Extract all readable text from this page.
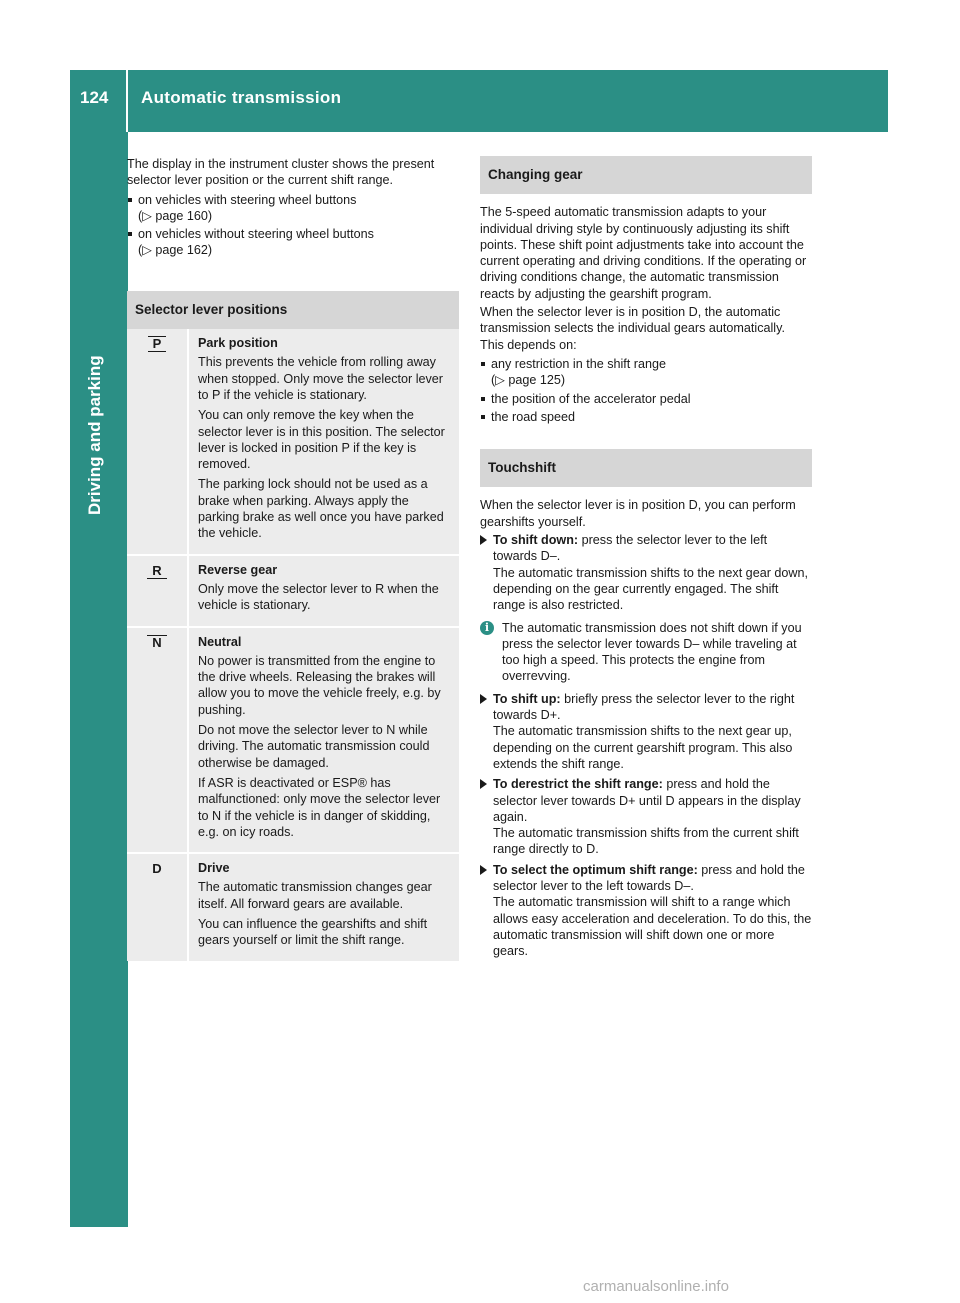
124 Automatic transmission
Driving and parking

The display in the instrument cluster shows the present selector lever position or the current shift range.

on vehicles with steering wheel buttons
(▷ page 160)
on vehicles without steering wheel buttons
(▷ page 162)
Selector lever positions
P	Park position

This prevents the vehicle from rolling away when stopped. Only move the selector lever to P if the vehicle is stationary.

You can only remove the key when the selector lever is in this position. The selector lever is locked in position P if the key is removed.

The parking lock should not be used as a brake when parking. Always apply the parking brake as well once you have parked the vehicle.

R	Reverse gear

Only move the selector lever to R when the vehicle is stationary.

N	Neutral

No power is transmitted from the engine to the drive wheels. Releasing the brakes will allow you to move the vehicle freely, e.g. by pushing.

Do not move the selector lever to N while driving. The automatic transmission could otherwise be damaged.

If ASR is deactivated or ESP® has malfunctioned: only move the selector lever to N if the vehicle is in danger of skidding, e.g. on icy roads.

D	Drive

The automatic transmission changes gear itself. All forward gears are available.

You can influence the gearshifts and shift gears yourself or limit the shift range.

Changing gear

The 5-speed automatic transmission adapts to your individual driving style by continuously adjusting its shift points. These shift point adjustments take into account the current operating and driving conditions. If the operating or driving conditions change, the automatic transmission reacts by adjusting the gearshift program.

When the selector lever is in position D, the automatic transmission selects the individual gears automatically. This depends on:

any restriction in the shift range
(▷ page 125)
the position of the accelerator pedal
the road speed
Touchshift

When the selector lever is in position D, you can perform gearshifts yourself.

To shift down: press the selector lever to the left towards D–.
The automatic transmission shifts to the next gear down, depending on the gear currently engaged. The shift range is also restricted.
i	The automatic transmission does not shift down if you press the selector lever towards D– while traveling at too high a speed. This protects the engine from overrevving.
To shift up: briefly press the selector lever to the right towards D+.
The automatic transmission shifts to the next gear up, depending on the current gearshift program. This also extends the shift range.
To derestrict the shift range: press and hold the selector lever towards D+ until D appears in the display again.
The automatic transmission shifts from the current shift range directly to D.
To select the optimum shift range: press and hold the selector lever to the left towards D–.
The automatic transmission will shift to a range which allows easy acceleration and deceleration. To do this, the automatic transmission will shift down one or more gears.
carmanualsonline.info
